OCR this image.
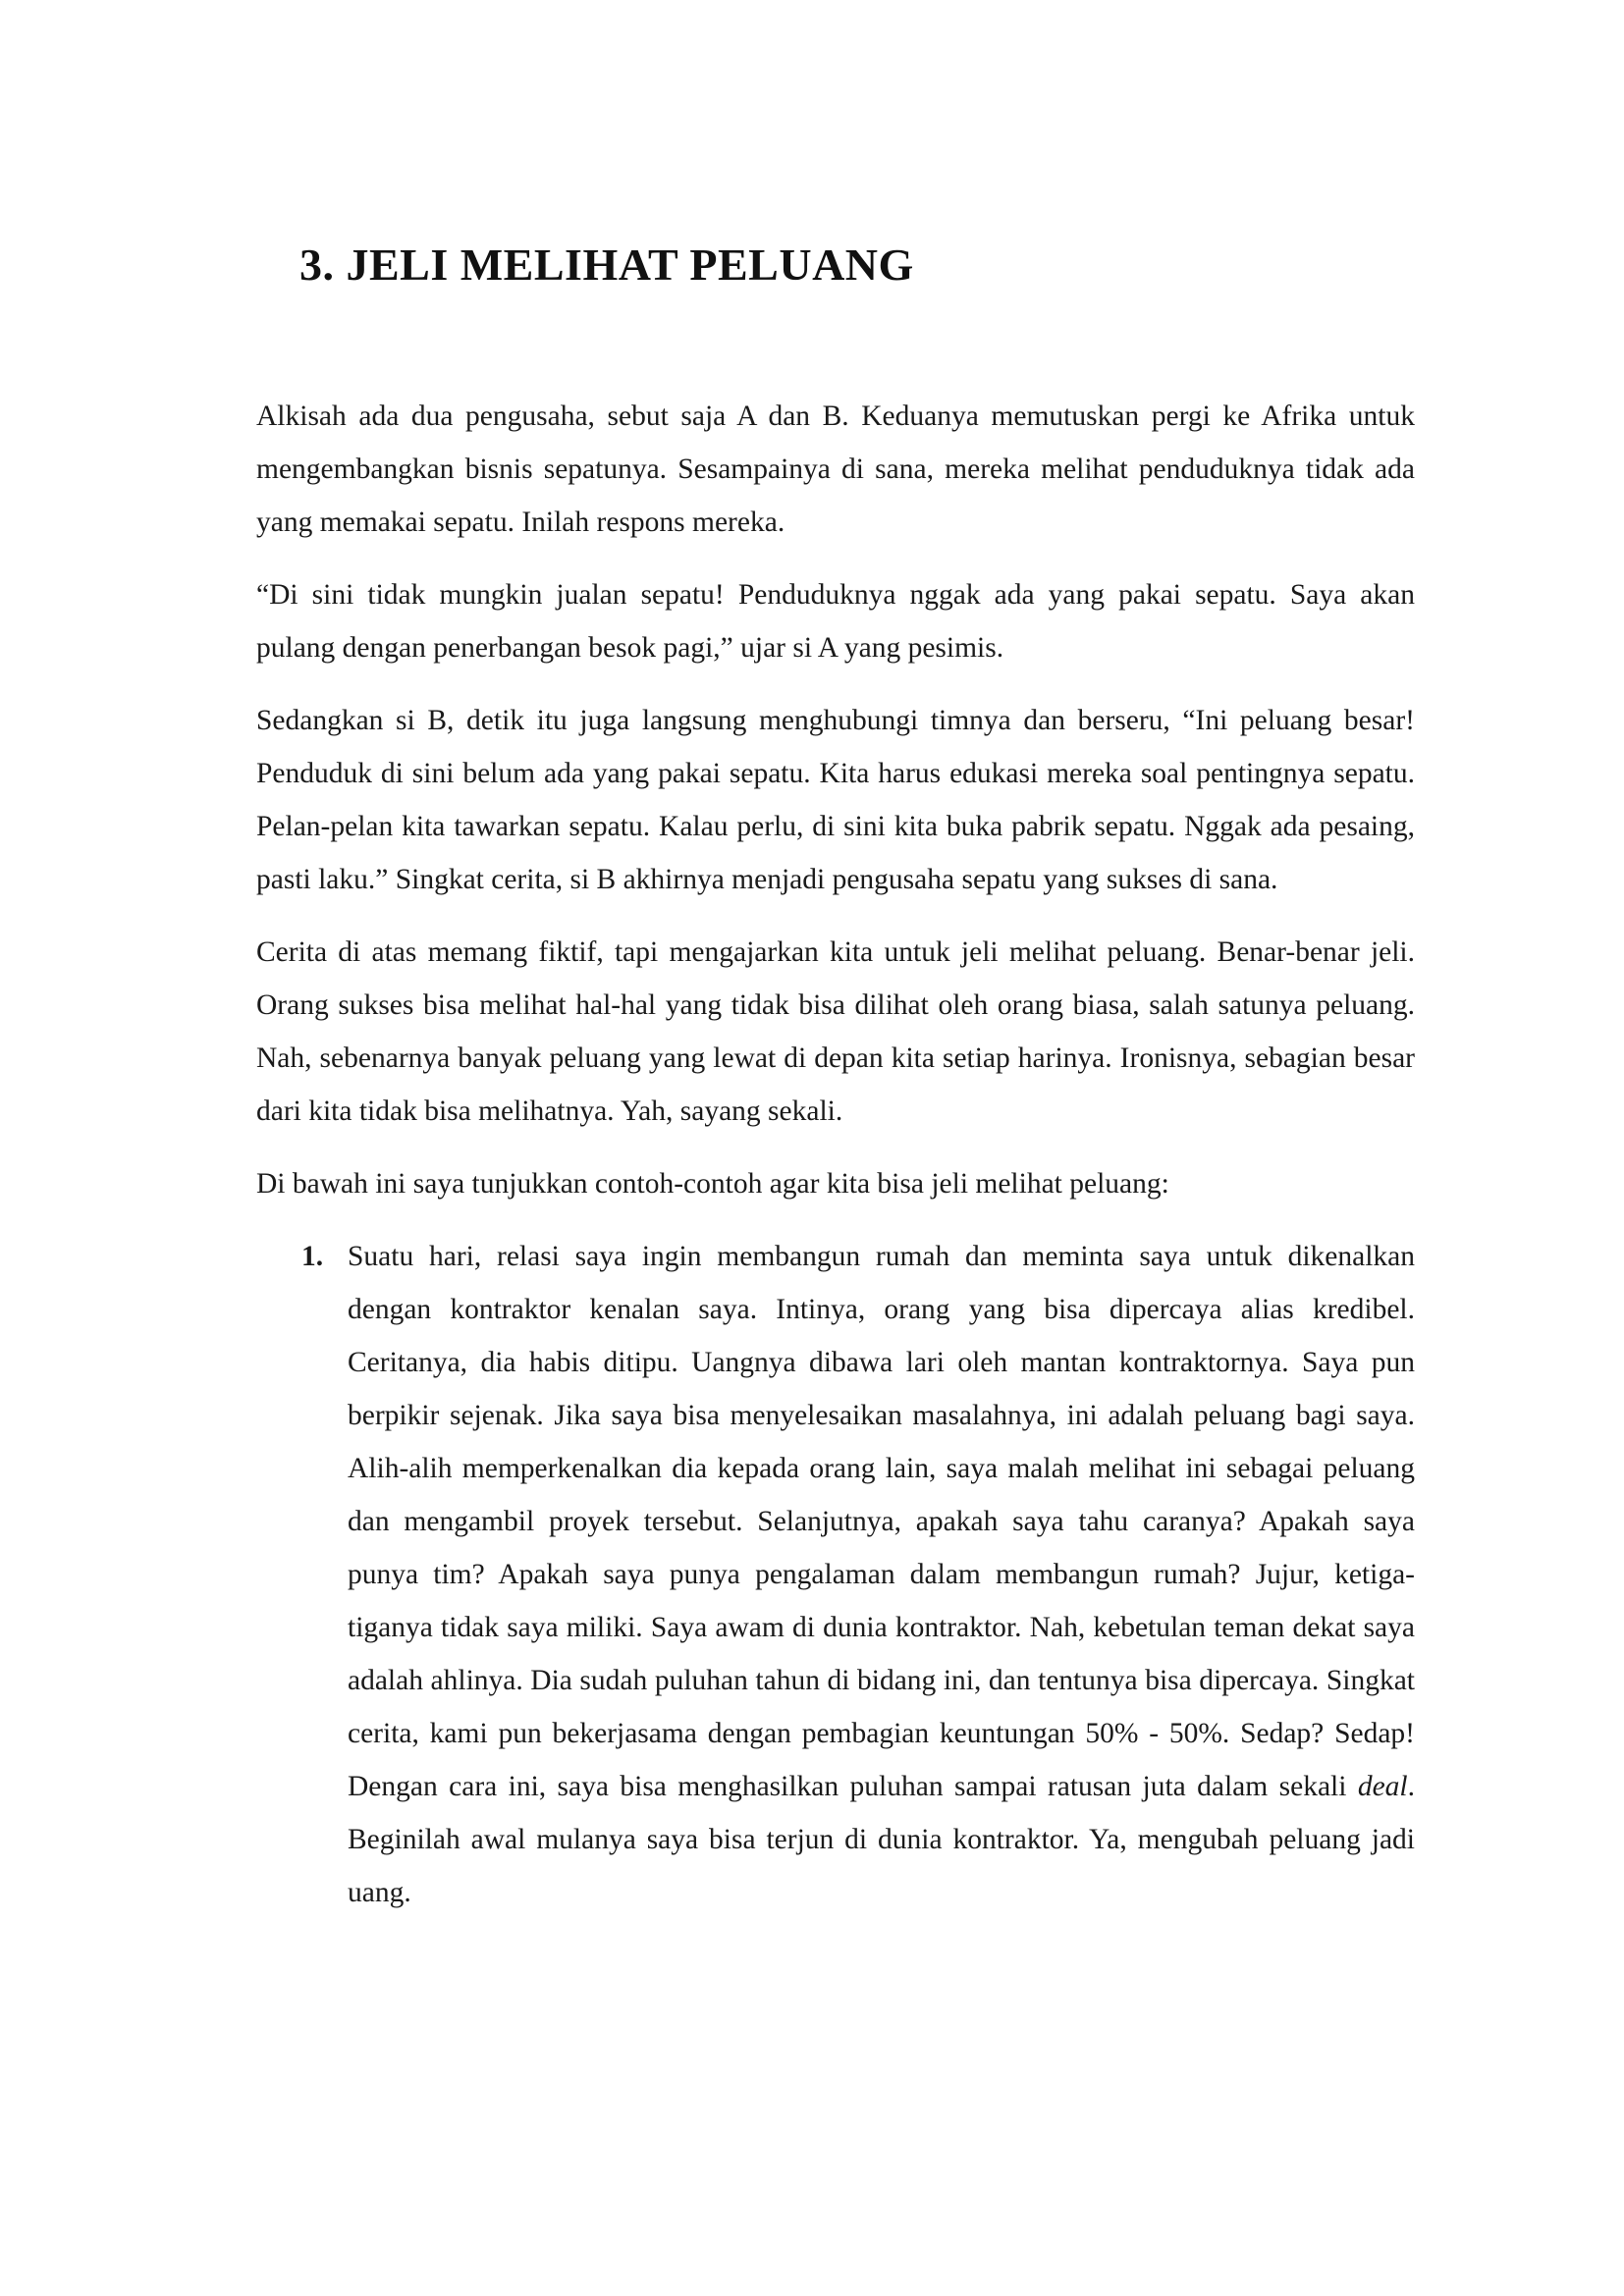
3. JELI MELIHAT PELUANG

Alkisah ada dua pengusaha, sebut saja A dan B. Keduanya memutuskan pergi ke Afrika untuk mengembangkan bisnis sepatunya. Sesampainya di sana, mereka melihat penduduknya tidak ada yang memakai sepatu. Inilah respons mereka.

“Di sini tidak mungkin jualan sepatu! Penduduknya nggak ada yang pakai sepatu. Saya akan pulang dengan penerbangan besok pagi,” ujar si A yang pesimis.

Sedangkan si B, detik itu juga langsung menghubungi timnya dan berseru, “Ini peluang besar! Penduduk di sini belum ada yang pakai sepatu. Kita harus edukasi mereka soal pentingnya sepatu. Pelan-pelan kita tawarkan sepatu. Kalau perlu, di sini kita buka pabrik sepatu. Nggak ada pesaing, pasti laku.” Singkat cerita, si B akhirnya menjadi pengusaha sepatu yang sukses di sana.

Cerita di atas memang fiktif, tapi mengajarkan kita untuk jeli melihat peluang. Benar-benar jeli. Orang sukses bisa melihat hal-hal yang tidak bisa dilihat oleh orang biasa, salah satunya peluang. Nah, sebenarnya banyak peluang yang lewat di depan kita setiap harinya. Ironisnya, sebagian besar dari kita tidak bisa melihatnya. Yah, sayang sekali.

Di bawah ini saya tunjukkan contoh-contoh agar kita bisa jeli melihat peluang:

1. Suatu hari, relasi saya ingin membangun rumah dan meminta saya untuk dikenalkan dengan kontraktor kenalan saya. Intinya, orang yang bisa dipercaya alias kredibel. Ceritanya, dia habis ditipu. Uangnya dibawa lari oleh mantan kontraktornya. Saya pun berpikir sejenak. Jika saya bisa menyelesaikan masalahnya, ini adalah peluang bagi saya. Alih-alih memperkenalkan dia kepada orang lain, saya malah melihat ini sebagai peluang dan mengambil proyek tersebut. Selanjutnya, apakah saya tahu caranya? Apakah saya punya tim? Apakah saya punya pengalaman dalam membangun rumah? Jujur, ketiga-tiganya tidak saya miliki. Saya awam di dunia kontraktor. Nah, kebetulan teman dekat saya adalah ahlinya. Dia sudah puluhan tahun di bidang ini, dan tentunya bisa dipercaya. Singkat cerita, kami pun bekerjasama dengan pembagian keuntungan 50% - 50%. Sedap? Sedap! Dengan cara ini, saya bisa menghasilkan puluhan sampai ratusan juta dalam sekali deal. Beginilah awal mulanya saya bisa terjun di dunia kontraktor. Ya, mengubah peluang jadi uang.
